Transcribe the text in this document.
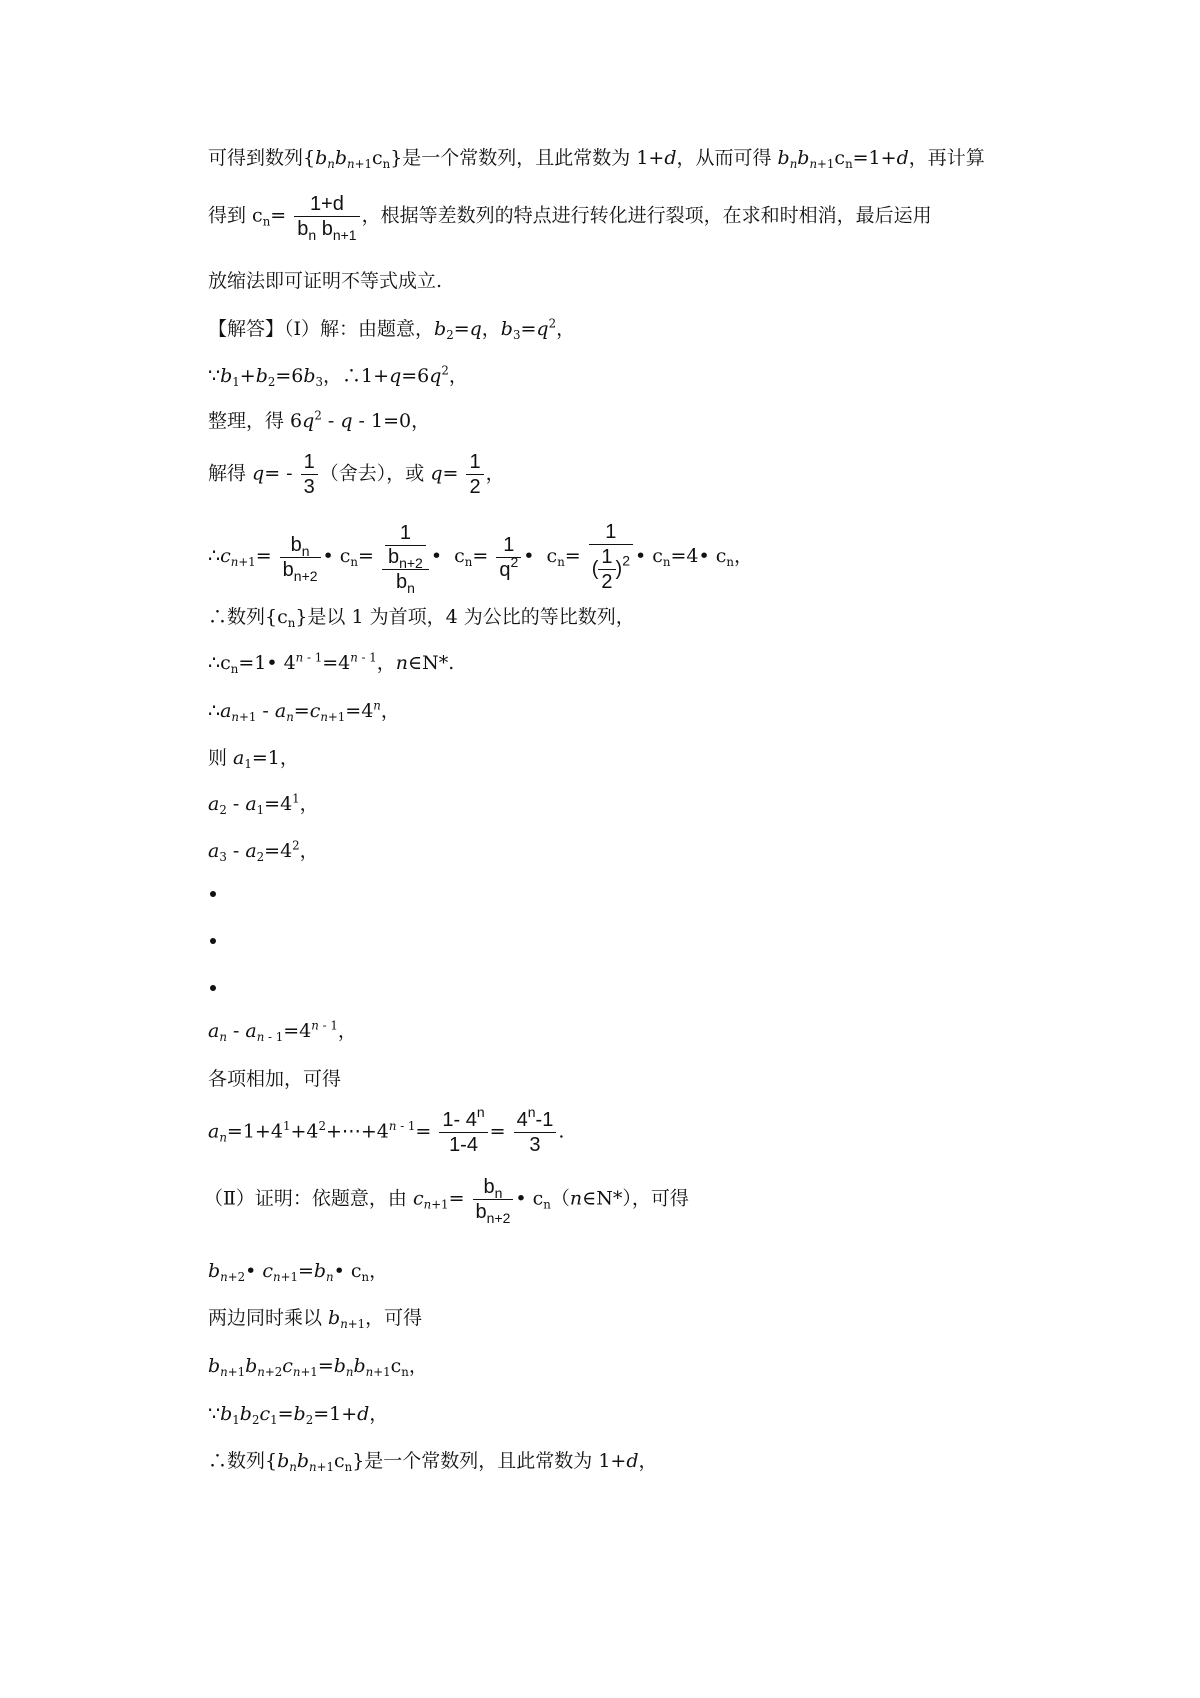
可得到数列$\{b_nb_{n+1}c_n\}$是一个常数列，且此常数为 1+d，从而可得 $b_nb_{n+1}c_n=1+d$，再计算
得到 $c_n= \frac{1+d}{b_n b_{n+1}}$ ，根据等差数列的特点进行转化进行裂项，在求和时相消，最后运用
放缩法即可证明不等式成立.
【解答】（Ⅰ）解：由题意，$b_2=q$，$b_3=q^2$，
$\because b_1+b_2=6b_3$，$\therefore 1+q=6q^2$，
整理，得 $6q^2 - q - 1=0$，
解得 $q= - \frac{1}{3}$ （舍去），或 $q= \frac{1}{2}$ ，
$\therefore c_{n+1}= \frac{b_n}{b_{n+2}}$ • $c_n= \frac{\frac{1}{b_{n+2}}}{b_n}$ •  $c_n= \frac{1}{q^2}$ •  $c_n= \frac{1}{( \frac{1}{2} )^2}$ • $c_n=4•$ $c_n$，
∴数列$\{c_n\}$是以 1 为首项，4 为公比的等比数列，
$\therefore c_n=1•$ $4^{n - 1}=4^{n - 1}$，n∈N*.
$\therefore a_{n+1} - a_n=c_{n+1}=4^n$，
则 $a_1=1$，
$a_2 - a_1=4^1$，
$a_3 - a_2=4^2$，
$a_n - a_{n - 1}=4^{n - 1}$，
各项相加，可得
$a_n=1+4^1+4^2+\cdots+4^{n - 1}= \frac{1- 4^n}{1-4} = \frac{4^n-1}{3}$ .
（Ⅱ）证明：依题意，由 $c_{n+1}= \frac{b_n}{b_{n+2}}$ • $c_n(n\in N*)$，可得
$b_{n+2}•$ $c_{n+1}=b_n•$ $c_n$，
两边同时乘以 $b_{n+1}$，可得
$b_{n+1}b_{n+2}c_{n+1}=b_nb_{n+1}c_n$，
$\because b_1b_2c_1=b_2=1+d$，
∴数列$\{b_nb_{n+1}c_n\}$是一个常数列，且此常数为 1+d，
